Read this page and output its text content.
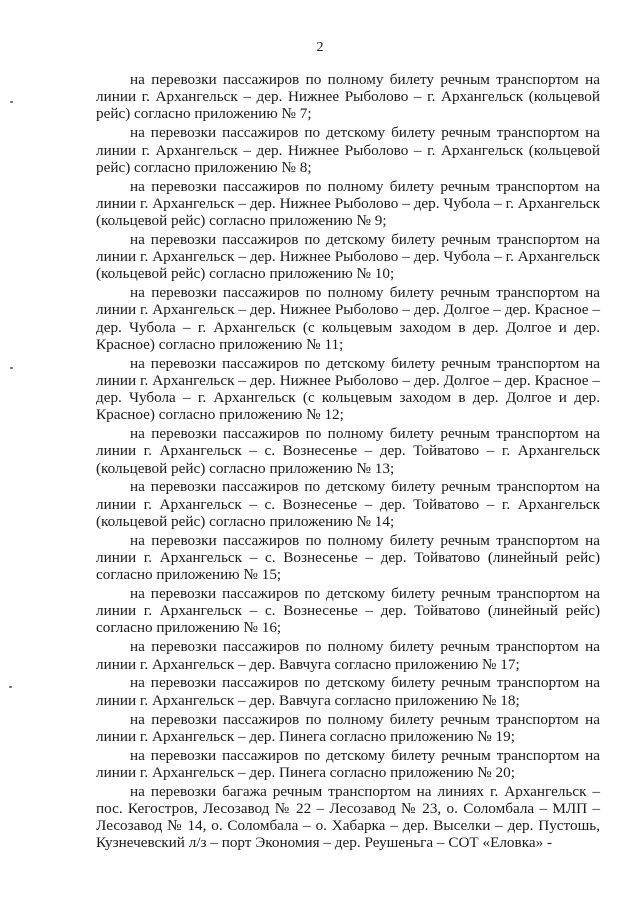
2

на перевозки пассажиров по полному билету речным транспортом на линии г. Архангельск – дер. Нижнее Рыболово – г. Архангельск (кольцевой рейс) согласно приложению № 7;

на перевозки пассажиров по детскому билету речным транспортом на линии г. Архангельск – дер. Нижнее Рыболово – г. Архангельск (кольцевой рейс) согласно приложению № 8;

на перевозки пассажиров по полному билету речным транспортом на линии г. Архангельск – дер. Нижнее Рыболово – дер. Чубола – г. Архангельск (кольцевой рейс) согласно приложению № 9;

на перевозки пассажиров по детскому билету речным транспортом на линии г. Архангельск – дер. Нижнее Рыболово – дер. Чубола – г. Архангельск (кольцевой рейс) согласно приложению № 10;

на перевозки пассажиров по полному билету речным транспортом на линии г. Архангельск – дер. Нижнее Рыболово – дер. Долгое – дер. Красное – дер. Чубола – г. Архангельск (с кольцевым заходом в дер. Долгое и дер. Красное) согласно приложению № 11;

на перевозки пассажиров по детскому билету речным транспортом на линии г. Архангельск – дер. Нижнее Рыболово – дер. Долгое – дер. Красное – дер. Чубола – г. Архангельск (с кольцевым заходом в дер. Долгое и дер. Красное) согласно приложению № 12;

на перевозки пассажиров по полному билету речным транспортом на линии г. Архангельск – с. Вознесенье – дер. Тойватово – г. Архангельск (кольцевой рейс) согласно приложению № 13;

на перевозки пассажиров по детскому билету речным транспортом на линии г. Архангельск – с. Вознесенье – дер. Тойватово – г. Архангельск (кольцевой рейс) согласно приложению № 14;

на перевозки пассажиров по полному билету речным транспортом на линии г. Архангельск – с. Вознесенье – дер. Тойватово (линейный рейс) согласно приложению № 15;

на перевозки пассажиров по детскому билету речным транспортом на линии г. Архангельск – с. Вознесенье – дер. Тойватово (линейный рейс) согласно приложению № 16;

на перевозки пассажиров по полному билету речным транспортом на линии г. Архангельск – дер. Вавчуга согласно приложению № 17;

на перевозки пассажиров по детскому билету речным транспортом на линии г. Архангельск – дер. Вавчуга согласно приложению № 18;

на перевозки пассажиров по полному билету речным транспортом на линии г. Архангельск – дер. Пинега согласно приложению № 19;

на перевозки пассажиров по детскому билету речным транспортом на линии г. Архангельск – дер. Пинега согласно приложению № 20;

на перевозки багажа речным транспортом на линиях г. Архангельск – пос. Кегостров, Лесозавод № 22 – Лесозавод № 23, о. Соломбала – МЛП – Лесозавод № 14, о. Соломбала – о. Хабарка – дер. Выселки – дер. Пустошь, Кузнечевский л/з – порт Экономия – дер. Реушеньга – СОТ «Еловка» -
